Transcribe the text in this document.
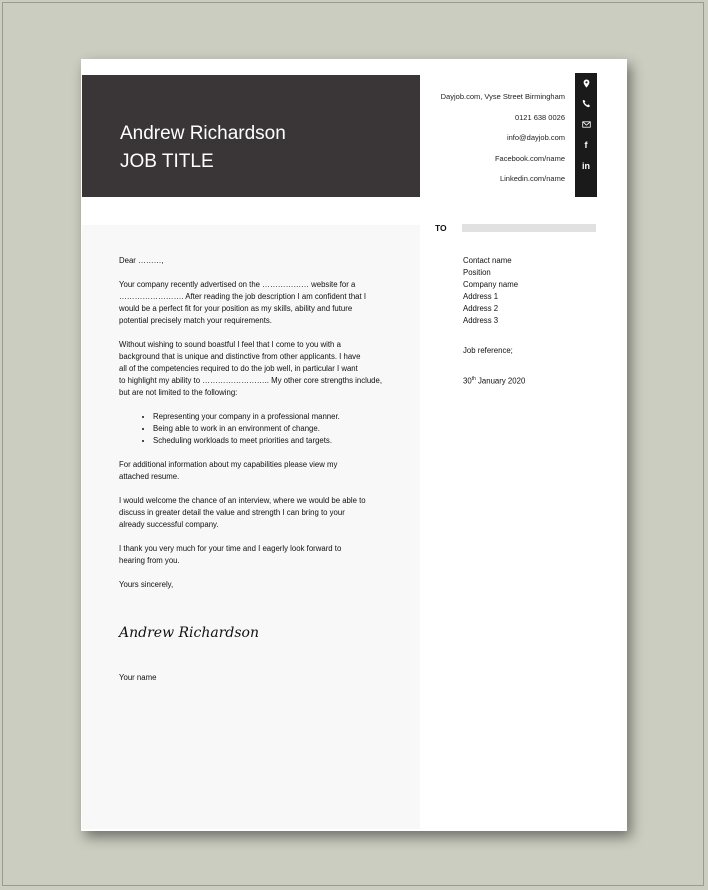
Andrew Richardson
JOB TITLE
Dayjob.com, Vyse Street Birmingham
0121 638 0026
info@dayjob.com
Facebook.com/name
Linkedin.com/name
f
in
TO
Contact name
Position
Company name
Address 1
Address 2
Address 3
Job reference;
30th January 2020

Dear ………,

Your company recently advertised on the ……………… website for a
……………………. After reading the job description I am confident that I
would be a perfect fit for your position as my skills, ability and future
potential precisely match your requirements.

Without wishing to sound boastful I feel that I come to you with a
background that is unique and distinctive from other applicants. I have
all of the competencies required to do the job well, in particular I want
to highlight my ability to …………………….. My other core strengths include,
but are not limited to the following:

• Representing your company in a professional manner.
• Being able to work in an environment of change.
• Scheduling workloads to meet priorities and targets.

For additional information about my capabilities please view my
attached resume.

I would welcome the chance of an interview, where we would be able to
discuss in greater detail the value and strength I can bring to your
already successful company.

I thank you very much for your time and I eagerly look forward to
hearing from you.

Yours sincerely,

Andrew Richardson
Your name
